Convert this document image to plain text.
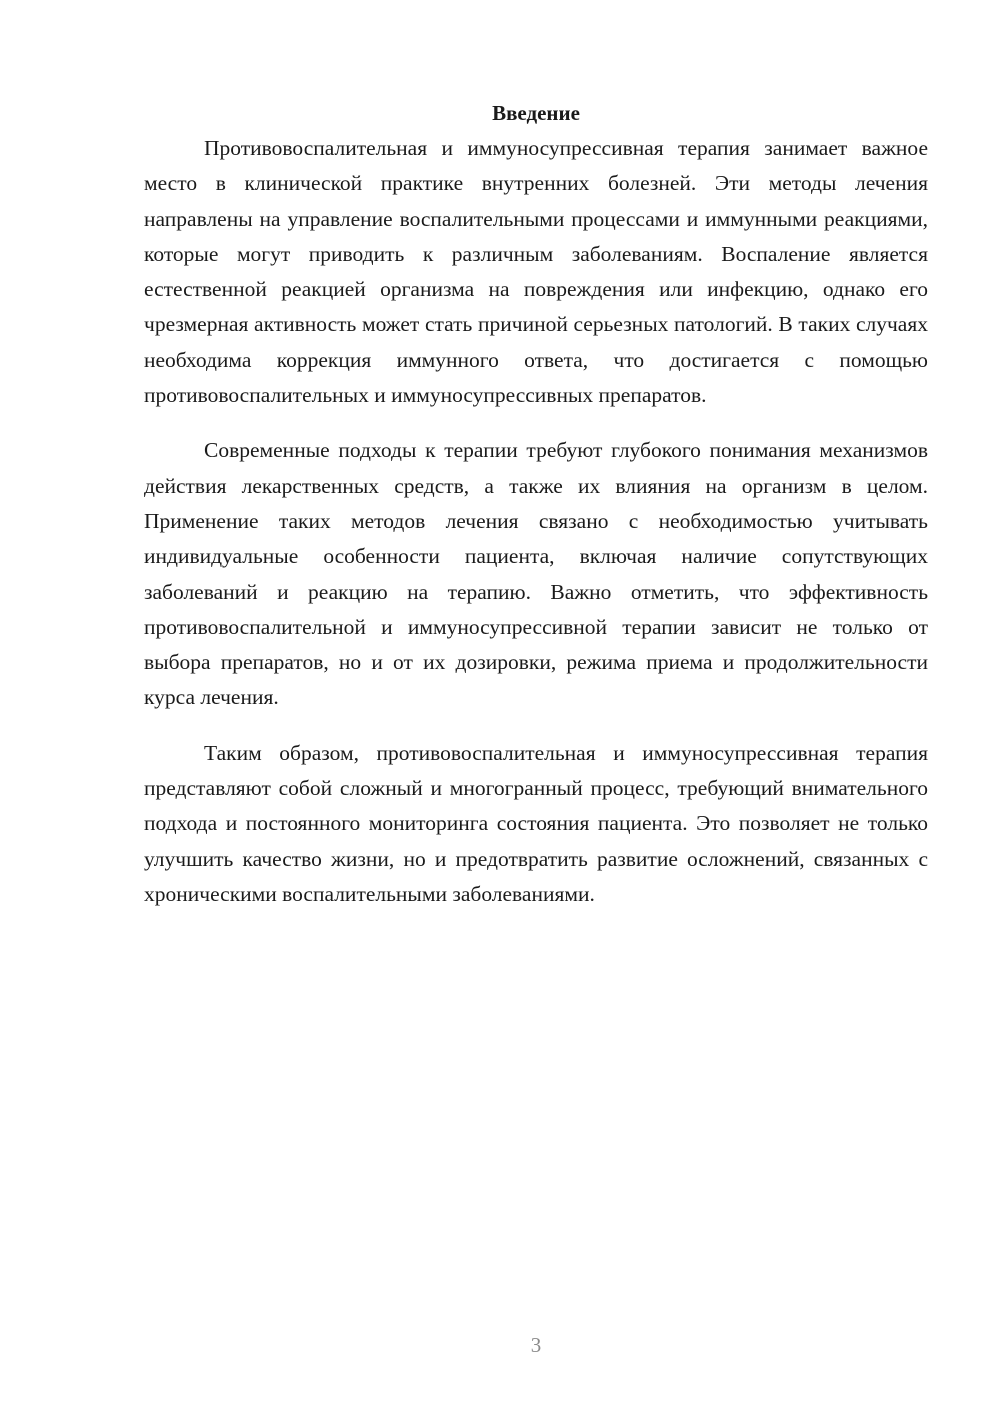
Введение

Противовоспалительная и иммуносупрессивная терапия занимает важное место в клинической практике внутренних болезней. Эти методы лечения направлены на управление воспалительными процессами и иммунными реакциями, которые могут приводить к различным заболеваниям. Воспаление является естественной реакцией организма на повреждения или инфекцию, однако его чрезмерная активность может стать причиной серьезных патологий. В таких случаях необходима коррекция иммунного ответа, что достигается с помощью противовоспалительных и иммуносупрессивных препаратов.

Современные подходы к терапии требуют глубокого понимания механизмов действия лекарственных средств, а также их влияния на организм в целом. Применение таких методов лечения связано с необходимостью учитывать индивидуальные особенности пациента, включая наличие сопутствующих заболеваний и реакцию на терапию. Важно отметить, что эффективность противовоспалительной и иммуносупрессивной терапии зависит не только от выбора препаратов, но и от их дозировки, режима приема и продолжительности курса лечения.

Таким образом, противовоспалительная и иммуносупрессивная терапия представляют собой сложный и многогранный процесс, требующий внимательного подхода и постоянного мониторинга состояния пациента. Это позволяет не только улучшить качество жизни, но и предотвратить развитие осложнений, связанных с хроническими воспалительными заболеваниями.

3
